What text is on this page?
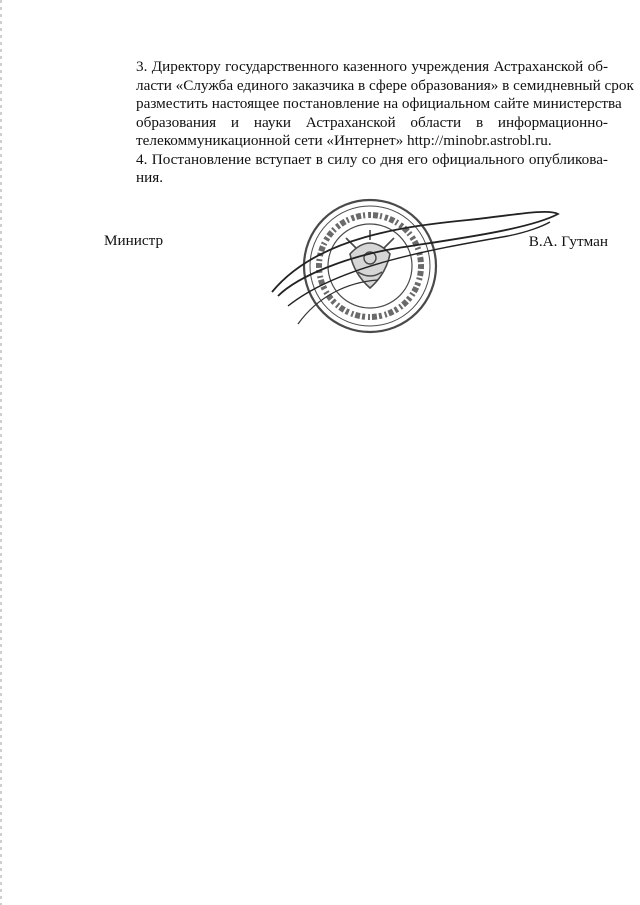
3. Директору государственного казенного учреждения Астраханской об-
ласти «Служба единого заказчика в сфере образования» в семидневный срок
разместить настоящее постановление на официальном сайте министерства
образования и науки Астраханской области в информационно-
телекоммуникационной сети «Интернет» http://minobr.astrobl.ru.
4. Постановление вступает в силу со дня его официального опубликова-
ния.
Министр	В.А. Гутман
